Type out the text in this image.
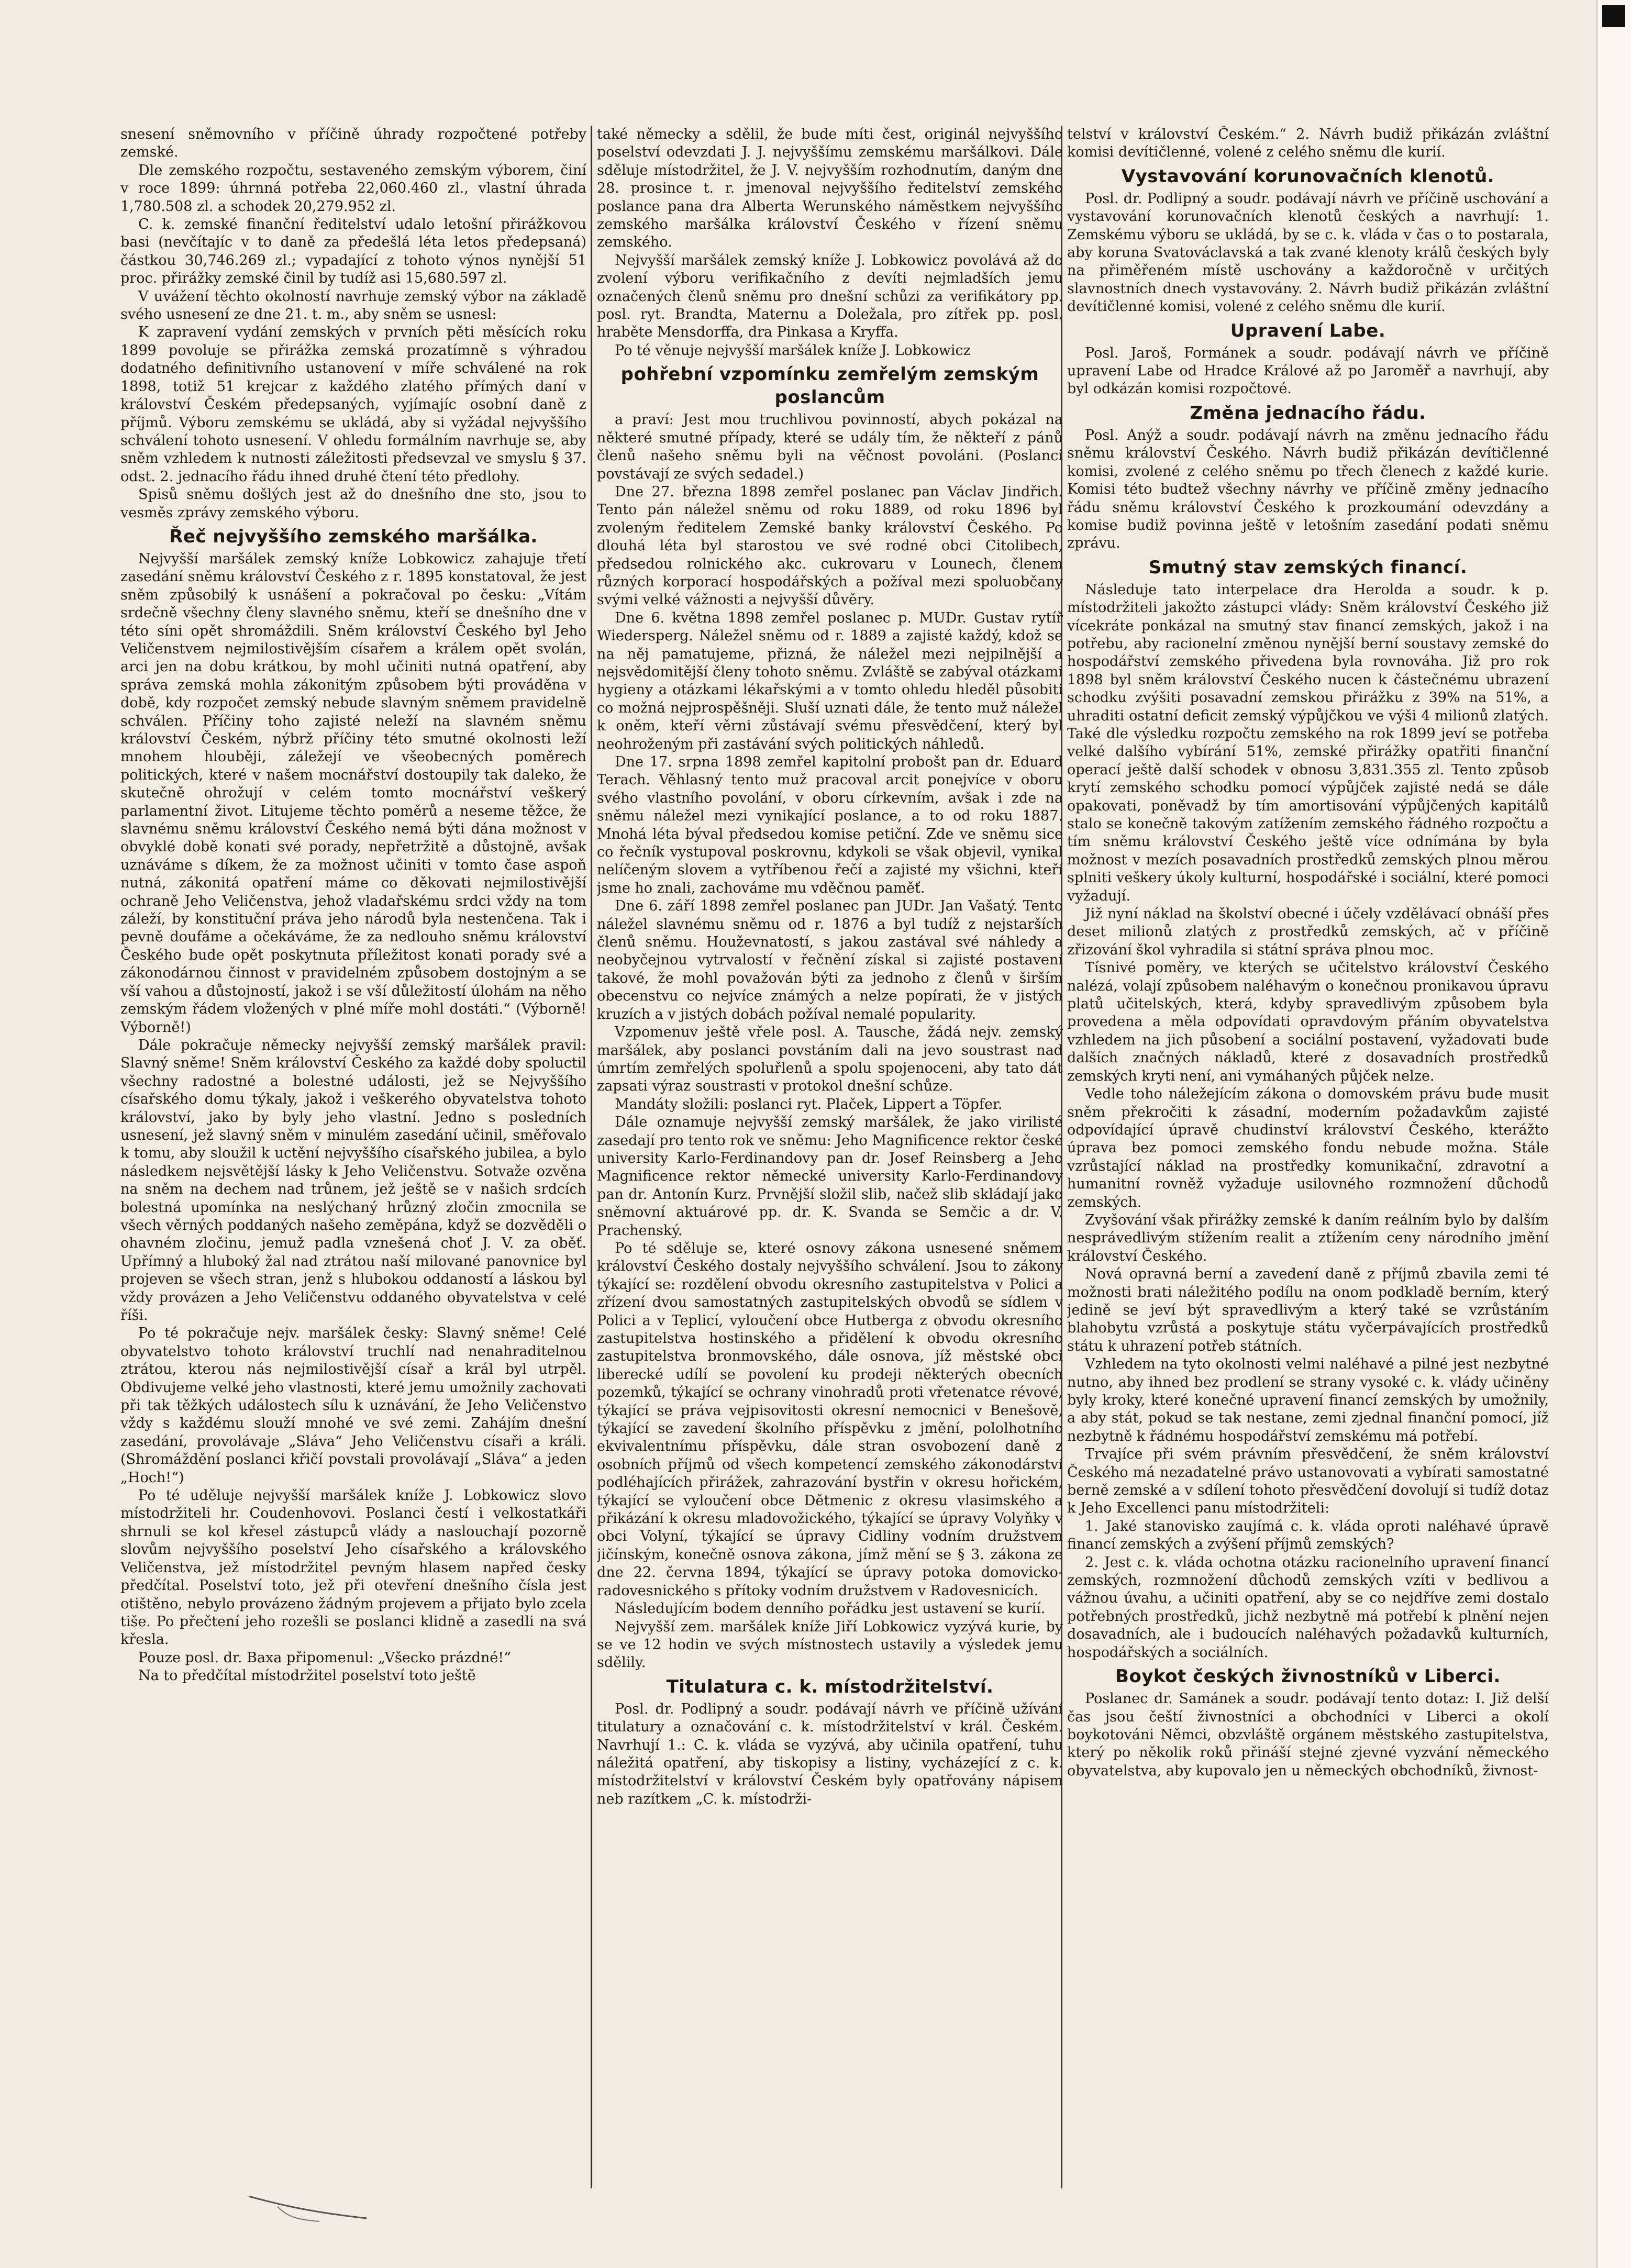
snesení sněmovního v příčině úhrady rozpočtené potřeby zemské.

Dle zemského rozpočtu, sestaveného zemským výborem, činí v roce 1899: úhrnná potřeba 22,060.460 zl., vlastní úhrada 1,780.508 zl. a schodek 20,279.952 zl.

C. k. zemské finanční ředitelství udalo letošní přirážkovou basi (nevčítajíc v to daně za předešlá léta letos předepsaná) částkou 30,746.269 zl.; vypadající z tohoto výnos nynější 51 proc. přirážky zemské činil by tudíž asi 15,680.597 zl.

V uvážení těchto okolností navrhuje zemský výbor na základě svého usnesení ze dne 21. t. m., aby sněm se usnesl:

K zapravení vydání zemských v prvních pěti měsících roku 1899 povoluje se přirážka zemská prozatímně s výhradou dodatného definitivního ustanovení v míře schválené na rok 1898, totiž 51 krejcar z každého zlatého přímých daní v království Českém předepsaných, vyjímajíc osobní daně z příjmů. Výboru zemskému se ukládá, aby si vyžádal nejvyššího schválení tohoto usnesení. V ohledu formálním navrhuje se, aby sněm vzhledem k nutnosti záležitosti předsevzal ve smyslu § 37. odst. 2. jednacího řádu ihned druhé čtení této předlohy.

Spisů sněmu došlých jest až do dnešního dne sto, jsou to vesměs zprávy zemského výboru.

Řeč nejvyššího zemského maršálka.

Nejvyšší maršálek zemský kníže Lobkowicz zahajuje třetí zasedání sněmu království Českého z r. 1895 konstatoval, že jest sněm způsobilý k usnášení a pokračoval po česku: „Vítám srdečně všechny členy slavného sněmu, kteří se dnešního dne v této síni opět shromáždili. Sněm království Českého byl Jeho Veličenstvem nejmilostivějším císařem a králem opět svolán, arci jen na dobu krátkou, by mohl učiniti nutná opatření, aby správa zemská mohla zákonitým způsobem býti prováděna v době, kdy rozpočet zemský nebude slavným sněmem pravidelně schválen. Příčiny toho zajisté neleží na slavném sněmu království Českém, nýbrž příčiny této smutné okolnosti leží mnohem hlouběji, záležejí ve všeobecných poměrech politických, které v našem mocnářství dostoupily tak daleko, že skutečně ohrožují v celém tomto mocnářství veškerý parlamentní život. Litujeme těchto poměrů a neseme těžce, že slavnému sněmu království Českého nemá býti dána možnost v obvyklé době konati své porady, nepřetržitě a důstojně, avšak uznáváme s díkem, že za možnost učiniti v tomto čase aspoň nutná, zákonitá opatření máme co děkovati nejmilostivější ochraně Jeho Veličenstva, jehož vladařskému srdci vždy na tom záleží, by konstituční práva jeho národů byla nestenčena. Tak i pevně doufáme a očekáváme, že za nedlouho sněmu království Českého bude opět poskytnuta příležitost konati porady své a zákonodárnou činnost v pravidelném způsobem dostojným a se vší vahou a důstojností, jakož i se vší důležitostí úlohám na něho zemským řádem vložených v plné míře mohl dostáti.“ (Výborně! Výborně!)

Dále pokračuje německy nejvyšší zemský maršálek pravil: Slavný sněme! Sněm království Českého za každé doby spoluctil všechny radostné a bolestné události, jež se Nejvyššího císařského domu týkaly, jakož i veškerého obyvatelstva tohoto království, jako by byly jeho vlastní. Jedno s posledních usnesení, jež slavný sněm v minulém zasedání učinil, směřovalo k tomu, aby sloužil k uctění nejvyššího císařského jubilea, a bylo následkem nejsvětější lásky k Jeho Veličenstvu. Sotvaže ozvěna na sněm na dechem nad trůnem, jež ještě se v našich srdcích bolestná upomínka na neslýchaný hrůzný zločin zmocnila se všech věrných poddaných našeho zeměpána, když se dozvěděli o ohavném zločinu, jemuž padla vznešená choť J. V. za oběť. Upřímný a hluboký žal nad ztrátou naší milované panovnice byl projeven se všech stran, jenž s hlubokou oddaností a láskou byl vždy provázen a Jeho Veličenstvu oddaného obyvatelstva v celé říši.

Po té pokračuje nejv. maršálek česky: Slavný sněme! Celé obyvatelstvo tohoto království truchlí nad nenahraditelnou ztrátou, kterou nás nejmilostivější císař a král byl utrpěl. Obdivujeme velké jeho vlastnosti, které jemu umožnily zachovati při tak těžkých událostech sílu k uznávání, že Jeho Veličenstvo vždy s každému slouží mnohé ve své zemi. Zahájím dnešní zasedání, provolávaje „Sláva“ Jeho Veličenstvu císaři a králi. (Shromáždění poslanci křičí povstali provolávají „Sláva“ a jeden „Hoch!“)

Po té uděluje nejvyšší maršálek kníže J. Lobkowicz slovo místodržiteli hr. Coudenhovovi. Poslanci čestí i velkostatkáři shrnuli se kol křesel zástupců vlády a naslouchají pozorně slovům nejvyššího poselství Jeho císařského a královského Veličenstva, jež místodržitel pevným hlasem napřed česky předčítal. Poselství toto, jež při otevření dnešního čísla jest otištěno, nebylo provázeno žádným projevem a přijato bylo zcela tiše. Po přečtení jeho rozešli se poslanci klidně a zasedli na svá křesla.

Pouze posl. dr. Baxa připomenul: „Všecko prázdné!“

Na to předčítal místodržitel poselství toto ještě

také německy a sdělil, že bude míti čest, originál nejvyššího poselství odevzdati J. J. nejvyššímu zemskému maršálkovi. Dále sděluje místodržitel, že J. V. nejvyšším rozhodnutím, daným dne 28. prosince t. r. jmenoval nejvyššího ředitelství zemského poslance pana dra Alberta Werunského náměstkem nejvyššího zemského maršálka království Českého v řízení sněmu zemského.

Nejvyšší maršálek zemský kníže J. Lobkowicz povolává až do zvolení výboru verifikačního z devíti nejmladších jemu označených členů sněmu pro dnešní schůzi za verifikátory pp. posl. ryt. Brandta, Maternu a Doležala, pro zítřek pp. posl. hraběte Mensdorffa, dra Pinkasa a Kryffa.

Po té věnuje nejvyšší maršálek kníže J. Lobkowicz

pohřební vzpomínku zemřelým zemským poslancům

a praví: Jest mou truchlivou povinností, abych pokázal na některé smutné případy, které se udály tím, že někteří z pánů členů našeho sněmu byli na věčnost povoláni. (Poslanci povstávají ze svých sedadel.)

Dne 27. března 1898 zemřel poslanec pan Václav Jindřich. Tento pán náležel sněmu od roku 1889, od roku 1896 byl zvoleným ředitelem Zemské banky království Českého. Po dlouhá léta byl starostou ve své rodné obci Citolibech, předsedou rolnického akc. cukrovaru v Lounech, členem různých korporací hospodářských a požíval mezi spoluobčany svými velké vážnosti a nejvyšší důvěry.

Dne 6. května 1898 zemřel poslanec p. MUDr. Gustav rytíř Wiedersperg. Náležel sněmu od r. 1889 a zajisté každý, kdož se na něj pamatujeme, přizná, že náležel mezi nejpilnější a nejsvědomitější členy tohoto sněmu. Zvláště se zabýval otázkami hygieny a otázkami lékařskými a v tomto ohledu hleděl působiti co možná nejprospěšněji. Sluší uznati dále, že tento muž náležel k oněm, kteří věrni zůstávají svému přesvědčení, který byl neohroženým při zastávání svých politických náhledů.

Dne 17. srpna 1898 zemřel kapitolní probošt pan dr. Eduard Terach. Věhlasný tento muž pracoval arcit ponejvíce v oboru svého vlastního povolání, v oboru církevním, avšak i zde na sněmu náležel mezi vynikající poslance, a to od roku 1887. Mnohá léta býval předsedou komise petiční. Zde ve sněmu sice co řečník vystupoval poskrovnu, kdykoli se však objevil, vynikal nelíčeným slovem a vytříbenou řečí a zajisté my všichni, kteří jsme ho znali, zachováme mu vděčnou paměť.

Dne 6. září 1898 zemřel poslanec pan JUDr. Jan Vašatý. Tento náležel slavnému sněmu od r. 1876 a byl tudíž z nejstarších členů sněmu. Houževnatostí, s jakou zastával své náhledy a neobyčejnou vytrvalostí v řečnění získal si zajisté postavení takové, že mohl považován býti za jednoho z členů v širším obecenstvu co nejvíce známých a nelze popírati, že v jistých kruzích a v jistých dobách požíval nemalé popularity.

Vzpomenuv ještě vřele posl. A. Tausche, žádá nejv. zemský maršálek, aby poslanci povstáním dali na jevo soustrast nad úmrtím zemřelých spoluřlenů a spolu spojenoceni, aby tato dát zapsati výraz soustrasti v protokol dnešní schůze.

Mandáty složili: poslanci ryt. Plaček, Lippert a Töpfer.

Dále oznamuje nejvyšší zemský maršálek, že jako virilisté zasedají pro tento rok ve sněmu: Jeho Magnificence rektor české university Karlo-Ferdinandovy pan dr. Josef Reinsberg a Jeho Magnificence rektor německé university Karlo-Ferdinandovy pan dr. Antonín Kurz. Prvnější složil slib, načež slib skládají jako sněmovní aktuárové pp. dr. K. Svanda se Semčic a dr. V. Prachenský.

Po té sděluje se, které osnovy zákona usnesené sněmem království Českého dostaly nejvyššího schválení. Jsou to zákony týkající se: rozdělení obvodu okresního zastupitelstva v Polici a zřízení dvou samostatných zastupitelských obvodů se sídlem v Polici a v Teplicí, vyloučení obce Hutberga z obvodu okresního zastupitelstva hostinského a přidělení k obvodu okresního zastupitelstva bronmovského, dále osnova, jíž městské obci liberecké udílí se povolení ku prodeji některých obecních pozemků, týkající se ochrany vinohradů proti vřetenatce révové, týkající se práva vejpisovitosti okresní nemocnici v Benešově, týkající se zavedení školního příspěvku z jmění, pololhotního ekvivalentnímu příspěvku, dále stran osvobození daně z osobních příjmů od všech kompetencí zemského zákonodárství podléhajících přirážek, zahrazování bystřin v okresu hořickém, týkající se vyloučení obce Dětmenic z okresu vlasimského a přikázání k okresu mladovožického, týkající se úpravy Volyňky v obci Volyní, týkající se úpravy Cidliny vodním družstvem jičínským, konečně osnova zákona, jímž mění se § 3. zákona ze dne 22. června 1894, týkající se úpravy potoka domovicko-radovesnického s přítoky vodním družstvem v Radovesnicích.

Následujícím bodem denního pořádku jest ustavení se kurií.

Nejvyšší zem. maršálek kníže Jiří Lobkowicz vyzývá kurie, by se ve 12 hodin ve svých místnostech ustavily a výsledek jemu sdělily.

Titulatura c. k. místodržitelství.

Posl. dr. Podlipný a soudr. podávají návrh ve příčině užívání titulatury a označování c. k. místodržitelství v král. Českém. Navrhují 1.: C. k. vláda se vyzývá, aby učinila opatření, tuhu náležitá opatření, aby tiskopisy a listiny, vycházející z c. k. místodržitelství v království Českém byly opatřovány nápisem neb razítkem „C. k. místodrži-

telství v království Českém.“ 2. Návrh budiž přikázán zvláštní komisi devítičlenné, volené z celého sněmu dle kurií.

Vystavování korunovačních klenotů.

Posl. dr. Podlipný a soudr. podávají návrh ve příčině uschování a vystavování korunovačních klenotů českých a navrhují: 1. Zemskému výboru se ukládá, by se c. k. vláda v čas o to postarala, aby koruna Svatováclavská a tak zvané klenoty králů českých byly na přiměřeném místě uschovány a každoročně v určitých slavnostních dnech vystavovány. 2. Návrh budiž přikázán zvláštní devítičlenné komisi, volené z celého sněmu dle kurií.

Upravení Labe.

Posl. Jaroš, Formánek a soudr. podávají návrh ve příčině upravení Labe od Hradce Králové až po Jaroměř a navrhují, aby byl odkázán komisi rozpočtové.

Změna jednacího řádu.

Posl. Anýž a soudr. podávají návrh na změnu jednacího řádu sněmu království Českého. Návrh budiž přikázán devítičlenné komisi, zvolené z celého sněmu po třech členech z každé kurie. Komisi této budtež všechny návrhy ve příčině změny jednacího řádu sněmu království Českého k prozkoumání odevzdány a komise budiž povinna ještě v letošním zasedání podati sněmu zprávu.

Smutný stav zemských financí.

Následuje tato interpelace dra Herolda a soudr. k p. místodržiteli jakožto zástupci vlády: Sněm království Českého již vícekráte ponkázal na smutný stav financí zemských, jakož i na potřebu, aby racionelní změnou nynější berní soustavy zemské do hospodářství zemského přivedena byla rovnováha. Již pro rok 1898 byl sněm království Českého nucen k částečnému ubrazení schodku zvýšiti posavadní zemskou přirážku z 39% na 51%, a uhraditi ostatní deficit zemský výpůjčkou ve výši 4 milionů zlatých. Také dle výsledku rozpočtu zemského na rok 1899 jeví se potřeba velké dalšího vybírání 51%, zemské přirážky opatřiti finanční operací ještě další schodek v obnosu 3,831.355 zl. Tento způsob krytí zemského schodku pomocí výpůjček zajisté nedá se dále opakovati, poněvadž by tím amortisování výpůjčených kapitálů stalo se konečně takovým zatížením zemského řádného rozpočtu a tím sněmu království Českého ještě více odnímána by byla možnost v mezích posavadních prostředků zemských plnou měrou splniti veškery úkoly kulturní, hospodářské i sociální, které pomoci vyžadují.

Již nyní náklad na školství obecné i účely vzdělávací obnáší přes deset milionů zlatých z prostředků zemských, ač v příčině zřizování škol vyhradila si státní správa plnou moc.

Tísnivé poměry, ve kterých se učitelstvo království Českého nalézá, volají způsobem naléhavým o konečnou pronikavou úpravu platů učitelských, která, kdyby spravedlivým způsobem byla provedena a měla odpovídati opravdovým přáním obyvatelstva vzhledem na jich působení a sociální postavení, vyžadovati bude dalších značných nákladů, které z dosavadních prostředků zemských kryti není, ani vymáhaných půjček nelze.

Vedle toho náležejícím zákona o domovském právu bude musit sněm překročiti k zásadní, moderním požadavkům zajisté odpovídající úpravě chudinství království Českého, kterážto úprava bez pomoci zemského fondu nebude možna. Stále vzrůstající náklad na prostředky komunikační, zdravotní a humanitní rovněž vyžaduje usilovného rozmnožení důchodů zemských.

Zvyšování však přirážky zemské k daním reálním bylo by dalším nesprávedlivým stížením realit a ztížením ceny národního jmění království Českého.

Nová opravná berní a zavedení daně z příjmů zbavila zemi té možnosti brati náležitého podílu na onom podkladě berním, který jedině se jeví být spravedlivým a který také se vzrůstáním blahobytu vzrůstá a poskytuje státu vyčerpávajících prostředků státu k uhrazení potřeb státních.

Vzhledem na tyto okolnosti velmi naléhavé a pilné jest nezbytné nutno, aby ihned bez prodlení se strany vysoké c. k. vlády učiněny byly kroky, které konečné upravení financí zemských by umožnily, a aby stát, pokud se tak nestane, zemi zjednal finanční pomocí, jíž nezbytně k řádnému hospodářství zemskému má potřebí.

Trvajíce při svém právním přesvědčení, že sněm království Českého má nezadatelné právo ustanovovati a vybírati samostatné berně zemské a v sdílení tohoto přesvědčení dovolují si tudíž dotaz k Jeho Excellenci panu místodržiteli:

1. Jaké stanovisko zaujímá c. k. vláda oproti naléhavé úpravě financí zemských a zvýšení příjmů zemských?

2. Jest c. k. vláda ochotna otázku racionelního upravení financí zemských, rozmnožení důchodů zemských vzíti v bedlivou a vážnou úvahu, a učiniti opatření, aby se co nejdříve zemi dostalo potřebných prostředků, jichž nezbytně má potřebí k plnění nejen dosavadních, ale i budoucích naléhavých požadavků kulturních, hospodářských a sociálních.

Boykot českých živnostníků v Liberci.

Poslanec dr. Samánek a soudr. podávají tento dotaz: I. Již delší čas jsou čeští živnostníci a obchodníci v Liberci a okolí boykotováni Němci, obzvláště orgánem městského zastupitelstva, který po několik roků přináší stejné zjevné vyzvání německého obyvatelstva, aby kupovalo jen u německých obchodníků, živnost-
